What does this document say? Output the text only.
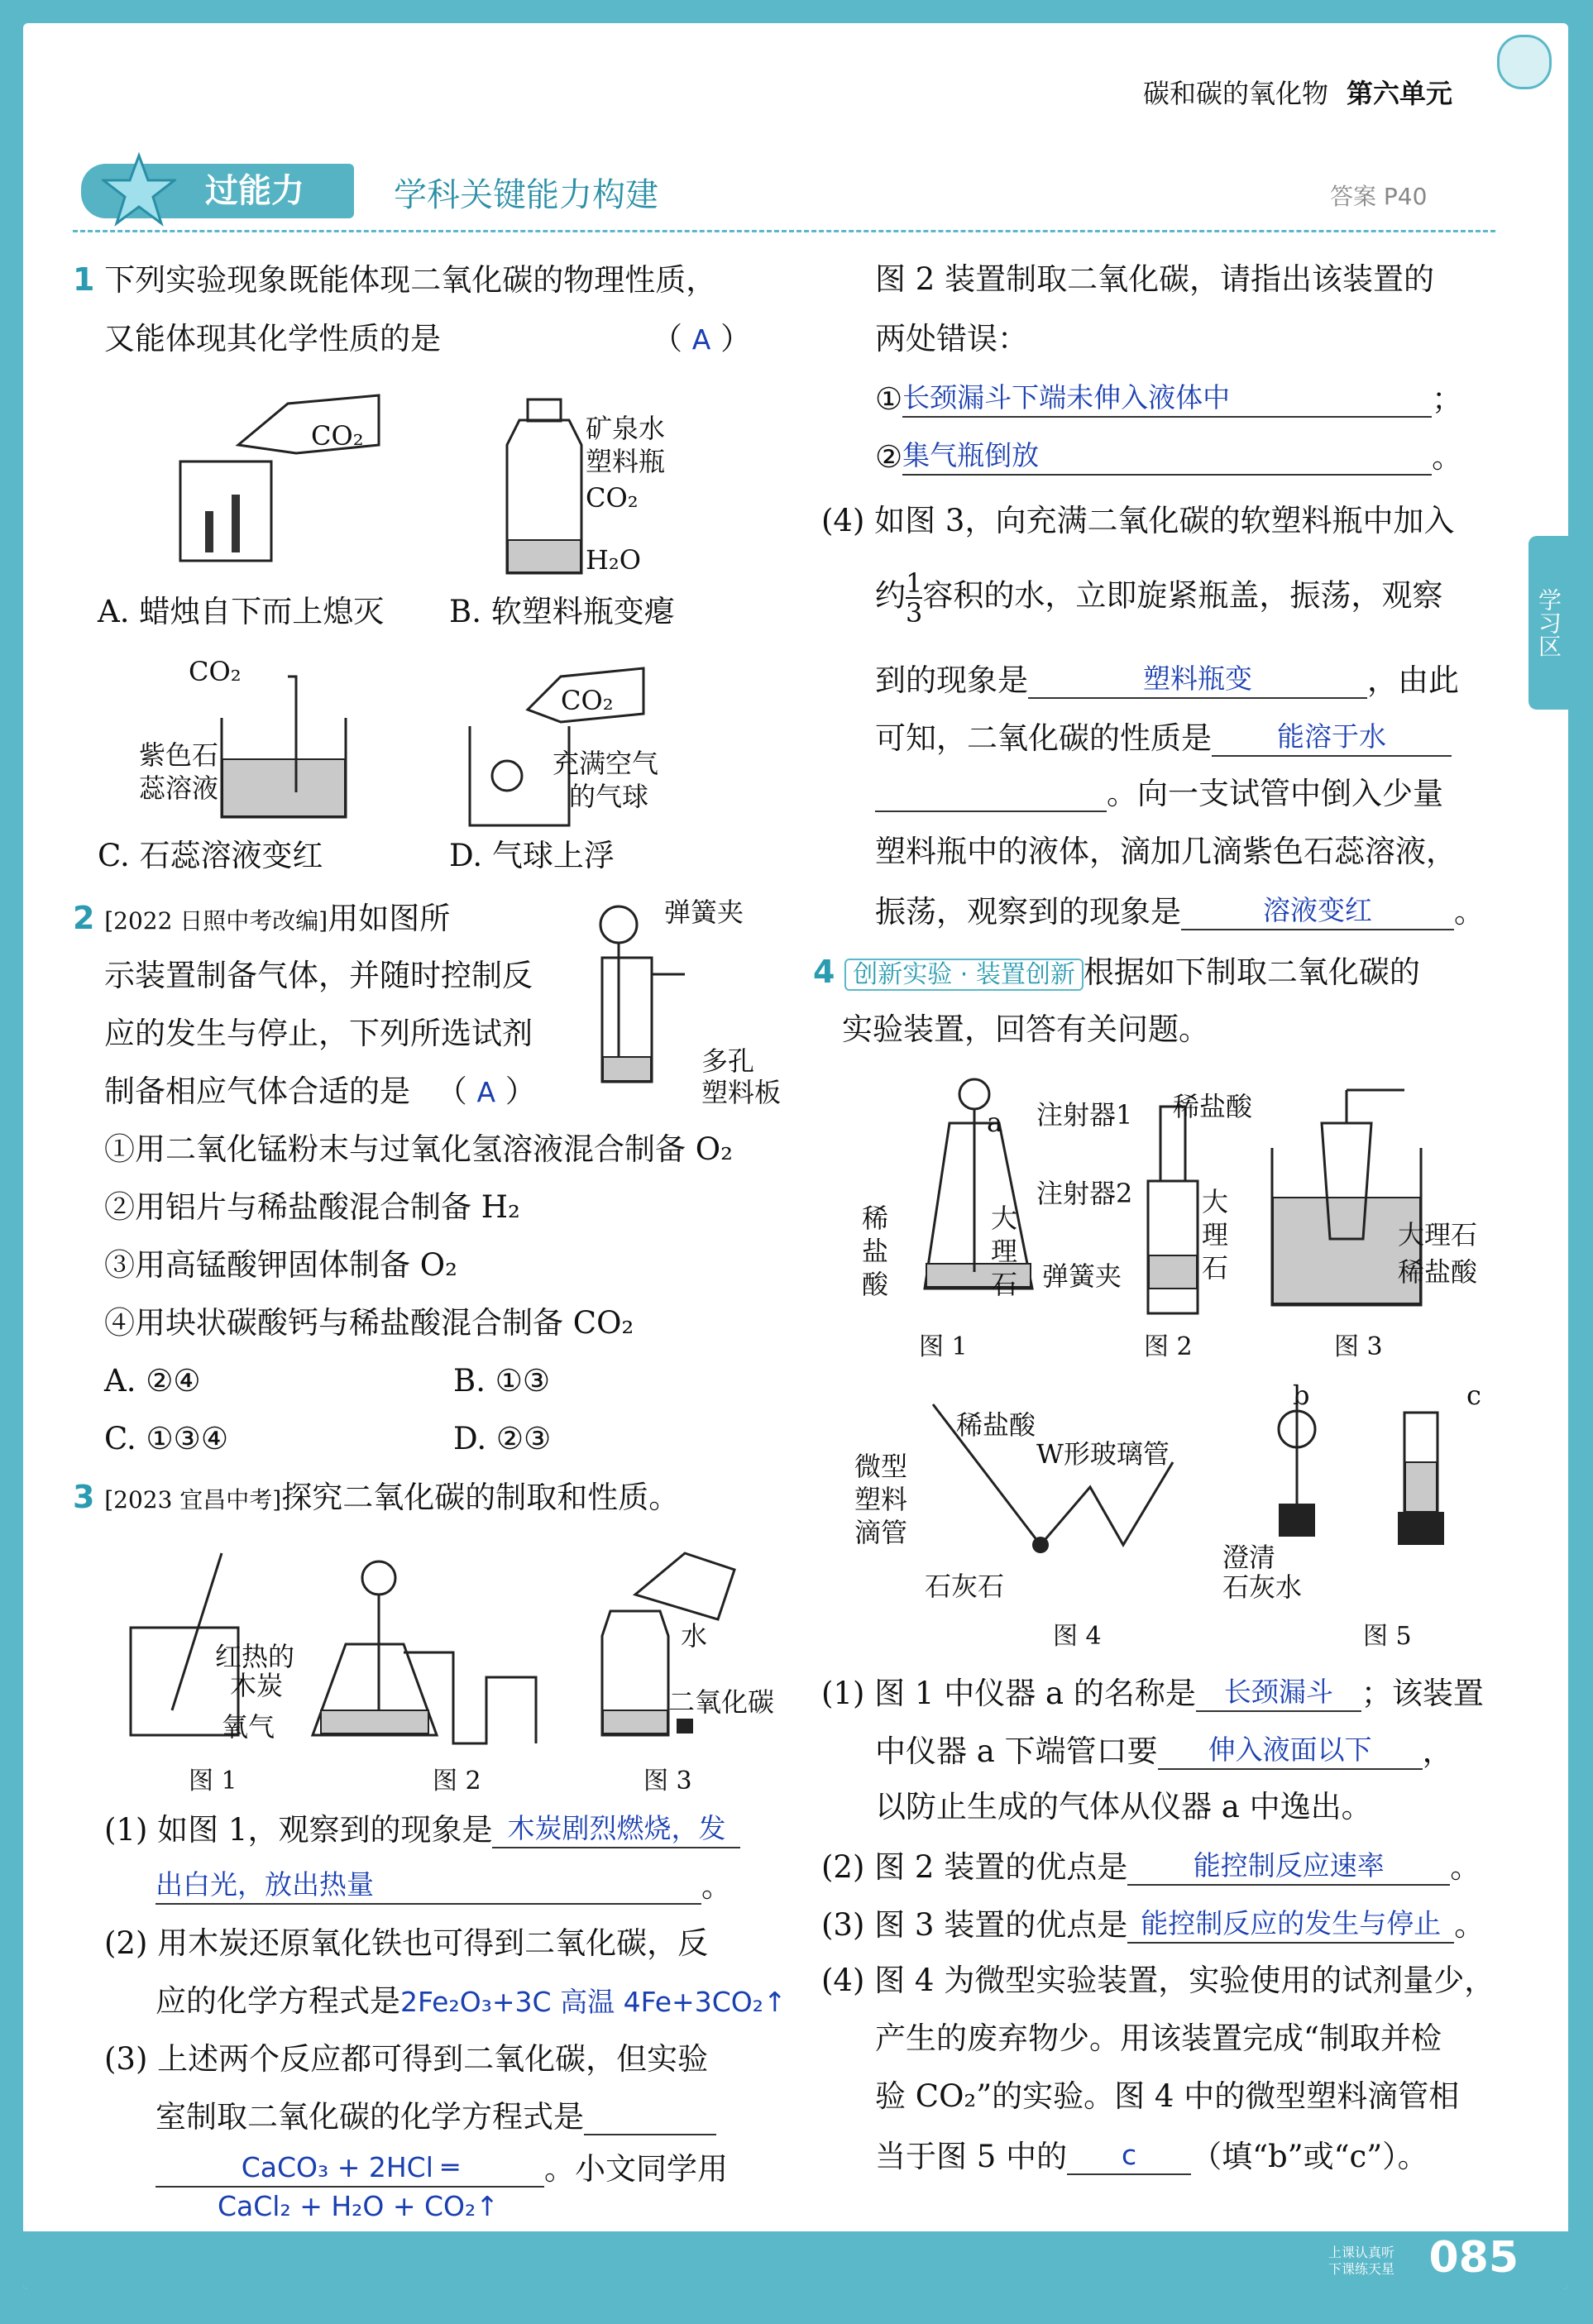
碳和碳的氧化物 第六单元
过能力	学科关键能力构建	答案 P40
学习区
1 下列实验现象既能体现二氧化碳的物理性质，
又能体现其化学性质的是	（ A ）
CO₂	矿泉水
塑料瓶
CO₂
H₂O
A. 蜡烛自下而上熄灭 B. 软塑料瓶变瘪
CO₂
紫色石
蕊溶液
CO₂
充满空气
的气球
C. 石蕊溶液变红	D. 气球上浮
2 [2022 日照中考改编]用如图所
示装置制备气体，并随时控制反
应的发生与停止，下列所选试剂
制备相应气体合适的是 （ A ）
弹簧夹
多孔
塑料板
①用二氧化锰粉末与过氧化氢溶液混合制备 O₂
②用铝片与稀盐酸混合制备 H₂
③用高锰酸钾固体制备 O₂
④用块状碳酸钙与稀盐酸混合制备 CO₂
A. ②④	B. ①③
C. ①③④	D. ②③
3 [2023 宜昌中考]探究二氧化碳的制取和性质。
红热的
木炭
氧气
水
二氧化碳
图 1	图 2	图 3
(1) 如图 1，观察到的现象是 木炭剧烈燃烧，发
出白光，放出热量	。
(2) 用木炭还原氧化铁也可得到二氧化碳，反
应的化学方程式是2Fe₂O₃+3C 高温 4Fe+3CO₂↑
(3) 上述两个反应都可得到二氧化碳，但实验
室制取二氧化碳的化学方程式是
CaCO₃ + 2HCl ═	。小文同学用
CaCl₂ + H₂O + CO₂↑
图 2 装置制取二氧化碳，请指出该装置的
两处错误：
①长颈漏斗下端未伸入液体中	；
②集气瓶倒放	。
(4) 如图 3，向充满二氧化碳的软塑料瓶中加入
约 $\frac{1}{3}$ 容积的水，立即旋紧瓶盖，振荡，观察
到的现象是	塑料瓶变	，由此
可知，二氧化碳的性质是 能溶于水
。向一支试管中倒入少量
塑料瓶中的液体，滴加几滴紫色石蕊溶液，
振荡，观察到的现象是	溶液变红	。
4 创新实验 · 装置创新 根据如下制取二氧化碳的
实验装置，回答有关问题。
a
稀
盐
酸
大
理
石
注射器1 稀盐酸
注射器2	大
理
石
弹簧夹
大理石
稀盐酸
图 1	图 2	图 3
稀盐酸
W形玻璃管
微型
塑料
滴管
石灰石
澄清
石灰水
b	c
图 4	图 5
(1) 图 1 中仪器 a 的名称是 长颈漏斗 ；该装置
中仪器 a 下端管口要 伸入液面以下 ，
以防止生成的气体从仪器 a 中逸出。
(2) 图 2 装置的优点是 能控制反应速率 。
(3) 图 3 装置的优点是 能控制反应的发生与停止 。
(4) 图 4 为微型实验装置，实验使用的试剂量少，
产生的废弃物少。用该装置完成“制取并检
验 CO₂”的实验。图 4 中的微型塑料滴管相
当于图 5 中的 c （填“b”或“c”）。
上课认真听
下课练天星 085
